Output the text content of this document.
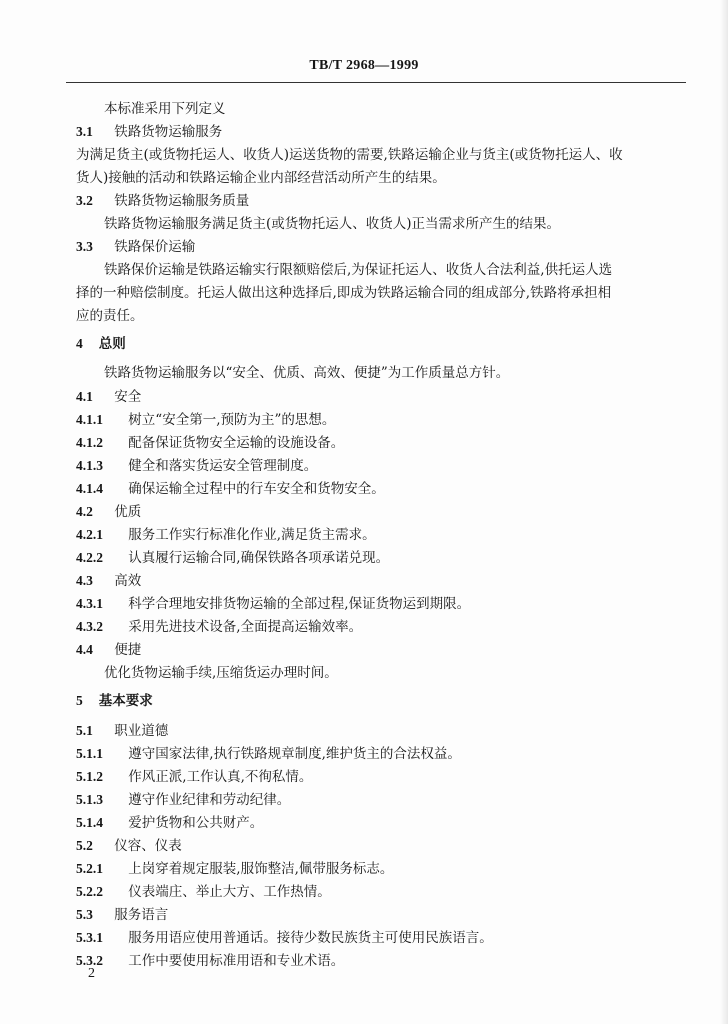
TB/T 2968—1999
本标准采用下列定义
3.1 铁路货物运输服务
为满足货主(或货物托运人、收货人)运送货物的需要,铁路运输企业与货主(或货物托运人、收
货人)接触的活动和铁路运输企业内部经营活动所产生的结果。
3.2 铁路货物运输服务质量
铁路货物运输服务满足货主(或货物托运人、收货人)正当需求所产生的结果。
3.3 铁路保价运输
铁路保价运输是铁路运输实行限额赔偿后,为保证托运人、收货人合法利益,供托运人选
择的一种赔偿制度。托运人做出这种选择后,即成为铁路运输合同的组成部分,铁路将承担相
应的责任。
4 总则
铁路货物运输服务以“安全、优质、高效、便捷”为工作质量总方针。
4.1 安全
4.1.1 树立“安全第一,预防为主”的思想。
4.1.2 配备保证货物安全运输的设施设备。
4.1.3 健全和落实货运安全管理制度。
4.1.4 确保运输全过程中的行车安全和货物安全。
4.2 优质
4.2.1 服务工作实行标准化作业,满足货主需求。
4.2.2 认真履行运输合同,确保铁路各项承诺兑现。
4.3 高效
4.3.1 科学合理地安排货物运输的全部过程,保证货物运到期限。
4.3.2 采用先进技术设备,全面提高运输效率。
4.4 便捷
优化货物运输手续,压缩货运办理时间。
5 基本要求
5.1 职业道德
5.1.1 遵守国家法律,执行铁路规章制度,维护货主的合法权益。
5.1.2 作风正派,工作认真,不徇私情。
5.1.3 遵守作业纪律和劳动纪律。
5.1.4 爱护货物和公共财产。
5.2 仪容、仪表
5.2.1 上岗穿着规定服装,服饰整洁,佩带服务标志。
5.2.2 仪表端庄、举止大方、工作热情。
5.3 服务语言
5.3.1 服务用语应使用普通话。接待少数民族货主可使用民族语言。
5.3.2 工作中要使用标准用语和专业术语。
2
